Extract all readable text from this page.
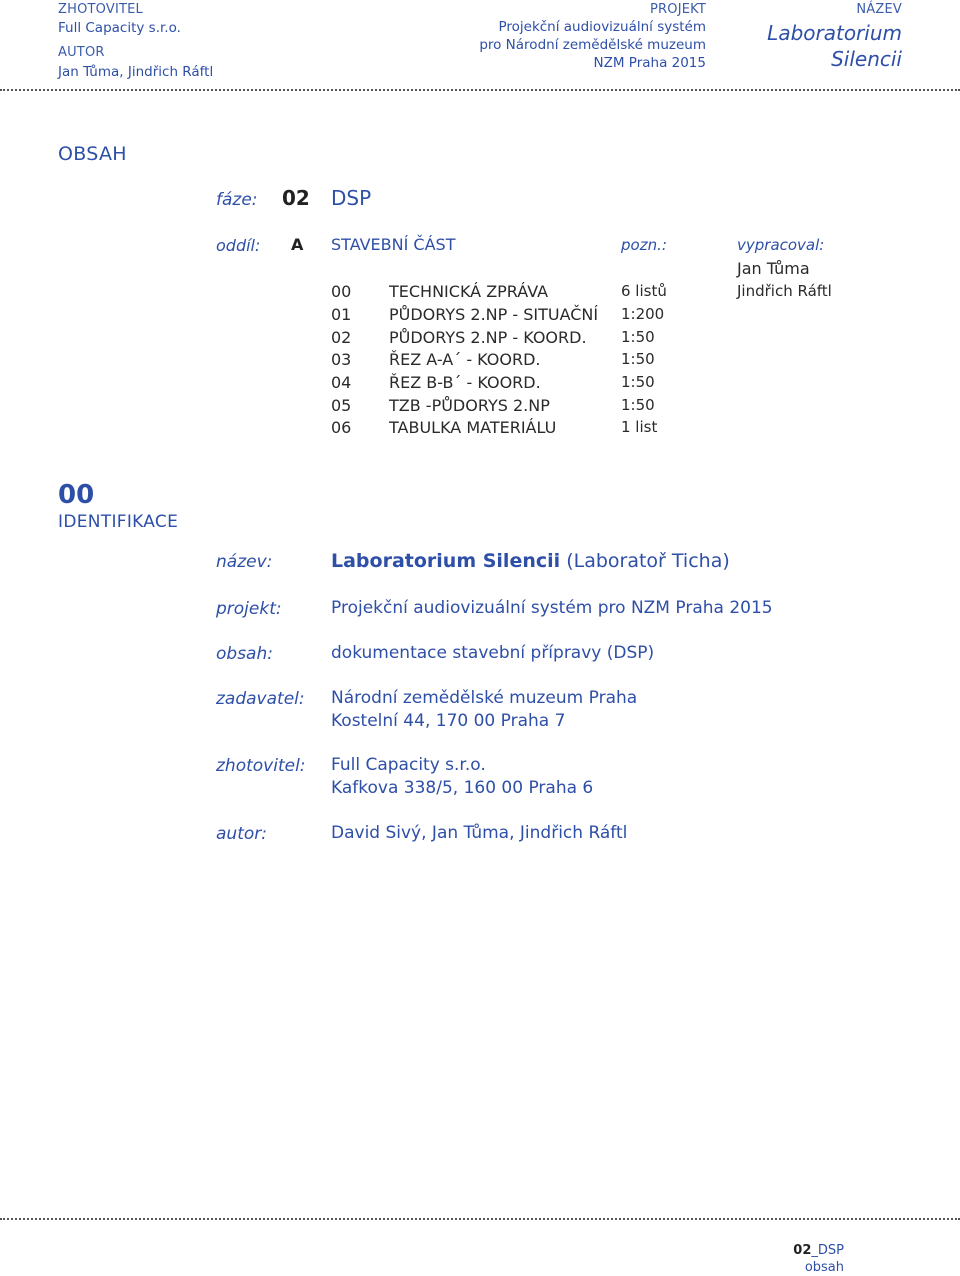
ZHOTOVITEL
Full Capacity s.r.o.
AUTOR
Jan Tůma, Jindřich Ráftl
PROJEKT
Projekční audiovizuální systém
pro Národní zemědělské muzeum
NZM Praha 2015
NÁZEV
Laboratorium
Silencii
OBSAH
fáze: 02 DSP
oddíl: A STAVEBNÍ ČÁST	pozn.:	vypracoval:
Jan Tůma
Jindřich Ráftl
00 TECHNICKÁ ZPRÁVA	6 listů
01 PŮDORYS 2.NP - SITUAČNÍ 1:200
02 PŮDORYS 2.NP - KOORD. 1:50
03 ŘEZ A-A´ - KOORD.	1:50
04 ŘEZ B-B´ - KOORD.	1:50
05 TZB -PŮDORYS 2.NP	1:50
06 TABULKA MATERIÁLU	1 list
00
IDENTIFIKACE
název:	Laboratorium Silencii (Laboratoř Ticha)
projekt:	Projekční audiovizuální systém pro NZM Praha 2015
obsah:	dokumentace stavební přípravy (DSP)
zadavatel: Národní zemědělské muzeum Praha
Kostelní 44, 170 00 Praha 7
zhotovitel: Full Capacity s.r.o.
Kafkova 338/5, 160 00 Praha 6
autor:	David Sivý, Jan Tůma, Jindřich Ráftl
02_DSP
obsah
